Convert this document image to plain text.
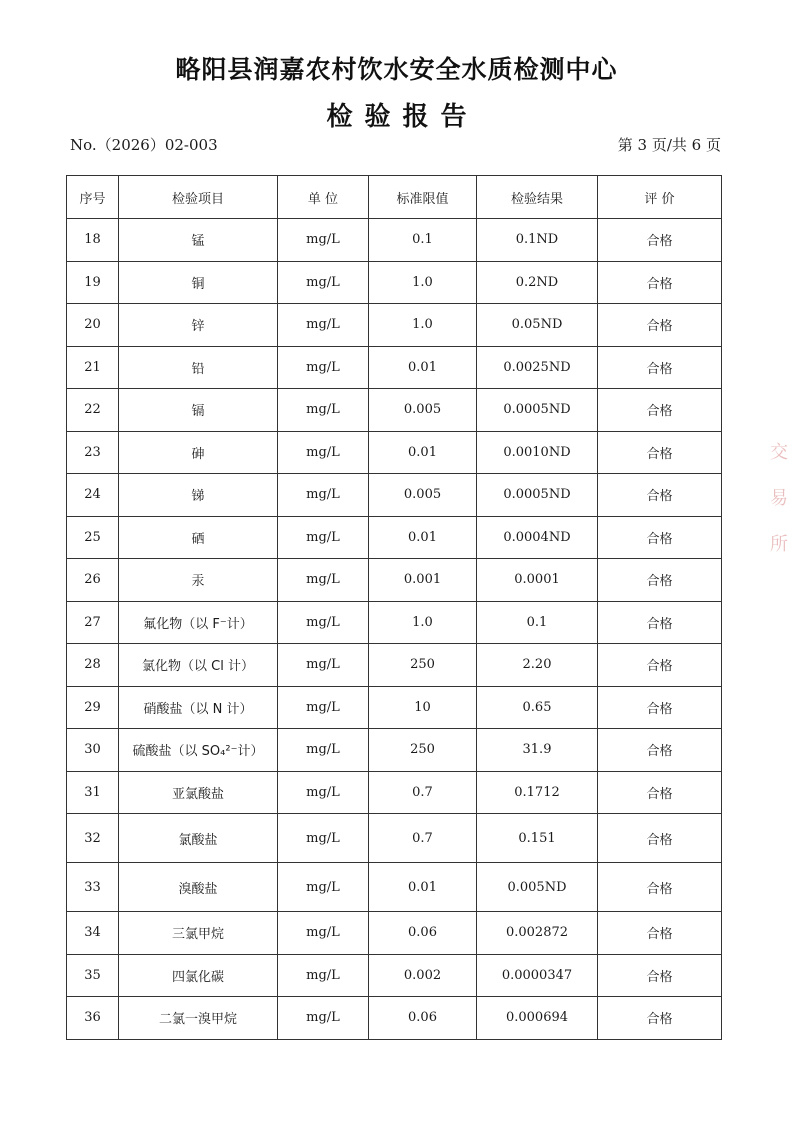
略阳县润嘉农村饮水安全水质检测中心
检验报告
No.（2026）02-003	第 3 页/共 6 页
序号	检验项目	单 位	标准限值	检验结果	评 价
18	锰	mg/L	0.1	0.1ND	合格
19	铜	mg/L	1.0	0.2ND	合格
20	锌	mg/L	1.0	0.05ND	合格
21	铅	mg/L	0.01	0.0025ND	合格
22	镉	mg/L	0.005	0.0005ND	合格
23	砷	mg/L	0.01	0.0010ND	合格
24	锑	mg/L	0.005	0.0005ND	合格
25	硒	mg/L	0.01	0.0004ND	合格
26	汞	mg/L	0.001	0.0001	合格
27	氟化物（以 F⁻计）	mg/L	1.0	0.1	合格
28	氯化物（以 Cl 计）	mg/L	250	2.20	合格
29	硝酸盐（以 N 计）	mg/L	10	0.65	合格
30	硫酸盐（以 SO₄²⁻计）	mg/L	250	31.9	合格
31	亚氯酸盐	mg/L	0.7	0.1712	合格
32	氯酸盐	mg/L	0.7	0.151	合格
33	溴酸盐	mg/L	0.01	0.005ND	合格
34	三氯甲烷	mg/L	0.06	0.002872	合格
35	四氯化碳	mg/L	0.002	0.0000347	合格
36	二氯一溴甲烷	mg/L	0.06	0.000694	合格
交
易
所
